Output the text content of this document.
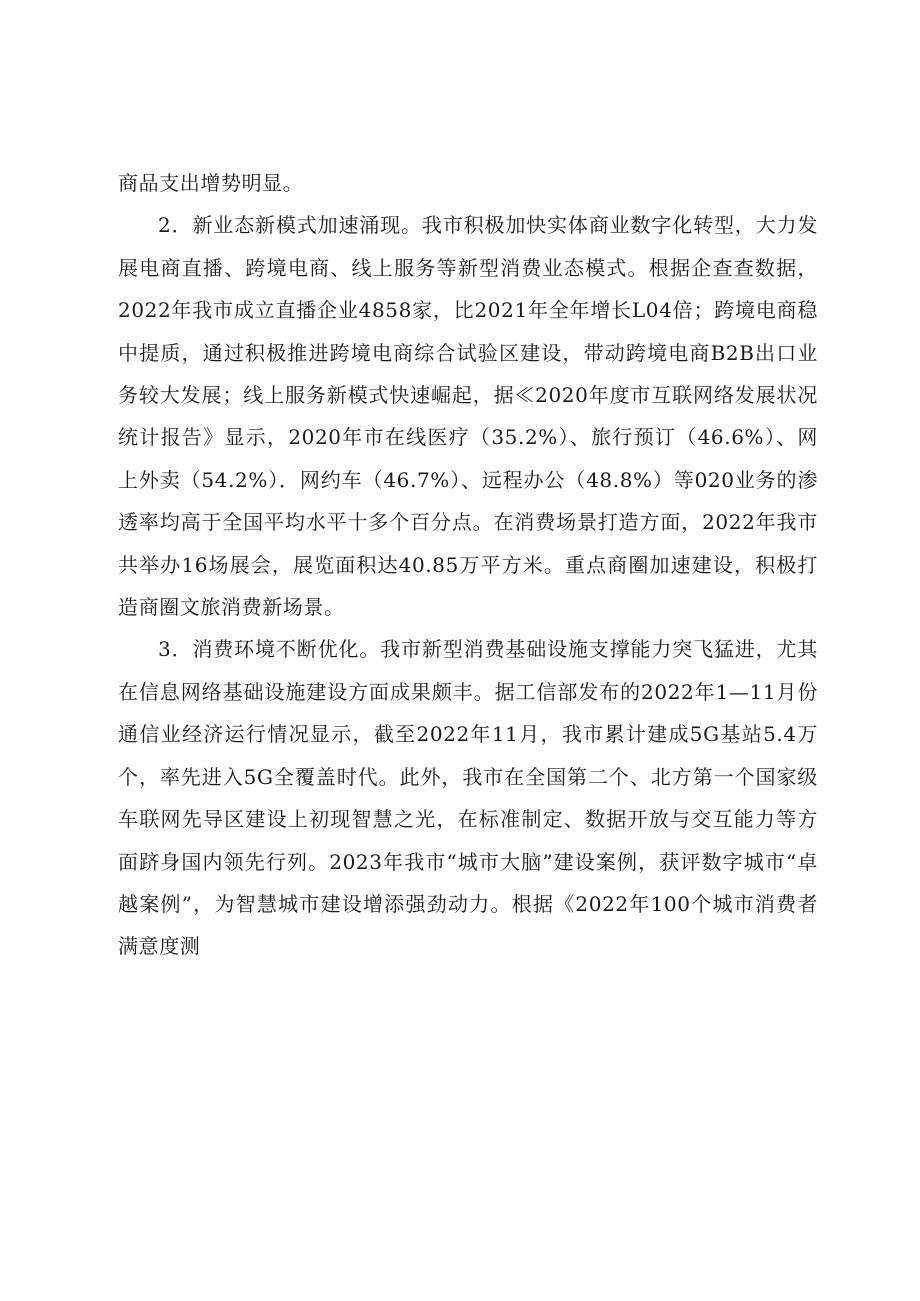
商品支出增势明显。

2．新业态新模式加速涌现。我市积极加快实体商业数字化转型，大力发展电商直播、跨境电商、线上服务等新型消费业态模式。根据企查查数据，2022年我市成立直播企业4858家，比2021年全年增长L04倍；跨境电商稳中提质，通过积极推进跨境电商综合试验区建设，带动跨境电商B2B出口业务较大发展；线上服务新模式快速崛起，据≪2020年度市互联网络发展状况统计报告》显示，2020年市在线医疗（35.2%）、旅行预订（46.6%）、网上外卖（54.2%）．网约车（46.7%）、远程办公（48.8%）等020业务的渗透率均高于全国平均水平十多个百分点。在消费场景打造方面，2022年我市共举办16场展会，展览面积达40.85万平方米。重点商圈加速建设，积极打造商圈文旅消费新场景。

3．消费环境不断优化。我市新型消费基础设施支撑能力突飞猛进，尤其在信息网络基础设施建设方面成果颇丰。据工信部发布的2022年1—11月份通信业经济运行情况显示，截至2022年11月，我市累计建成5G基站5.4万个，率先进入5G全覆盖时代。此外，我市在全国第二个、北方第一个国家级车联网先导区建设上初现智慧之光，在标准制定、数据开放与交互能力等方面跻身国内领先行列。2023年我市“城市大脑”建设案例，获评数字城市“卓越案例”，为智慧城市建设增添强劲动力。根据《2022年100个城市消费者满意度测
